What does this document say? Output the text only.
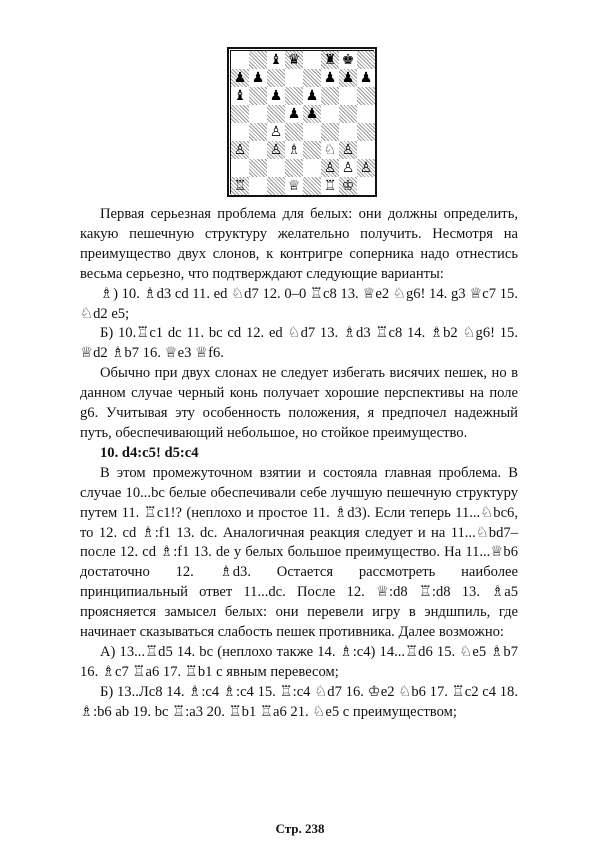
♝ ♛ ♜ ♚
♟ ♟	♟ ♟ ♟
♝ ♟ ♟
♟ ♟
♙
♙ ♙ ♗ ♘ ♙
♙ ♙ ♙
♖	♕ ♖ ♔

Первая серьезная проблема для белых: они должны определить, какую пешечную структуру желательно получить. Несмотря на преимущество двух слонов, к контригре соперника надо отнестись весьма серьезно, что подтверждают следующие варианты:

♗) 10. ♗d3 cd 11. ed ♘d7 12. 0–0 ♖c8 13. ♕e2 ♘g6! 14. g3 ♕c7 15. ♘d2 e5;

Б) 10.♖c1 dc 11. bc cd 12. ed ♘d7 13. ♗d3 ♖c8 14. ♗b2 ♘g6! 15. ♕d2 ♗b7 16. ♕e3 ♕f6.

Обычно при двух слонах не следует избегать висячих пешек, но в данном случае черный конь получает хорошие перспективы на поле g6. Учитывая эту особенность положения, я предпочел надежный путь, обеспечивающий небольшое, но стойкое преимущество.

10. d4:c5! d5:c4

В этом промежуточном взятии и состояла главная проблема. В случае 10...bc белые обеспечивали себе лучшую пешечную структуру путем 11. ♖c1!? (неплохо и простое 11. ♗d3). Если теперь 11...♘bc6, то 12. cd ♗:f1 13. dc. Аналогичная реакция следует и на 11...♘bd7– после 12. cd ♗:f1 13. de у белых большое преимущество. На 11...♕b6 достаточно 12. ♗d3. Остается рассмотреть наиболее принципиальный ответ 11...dc. После 12. ♕:d8 ♖:d8 13. ♗a5 проясняется замысел белых: они перевели игру в эндшпиль, где начинает сказываться слабость пешек противника. Далее возможно:

А) 13...♖d5 14. bc (неплохо также 14. ♗:c4) 14...♖d6 15. ♘e5 ♗b7 16. ♗c7 ♖a6 17. ♖b1 с явным перевесом;

Б) 13..Лс8 14. ♗:c4 ♗:c4 15. ♖:c4 ♘d7 16. ♔e2 ♘b6 17. ♖c2 c4 18. ♗:b6 ab 19. bc ♖:a3 20. ♖b1 ♖a6 21. ♘e5 с преимуществом;

Стр. 238
